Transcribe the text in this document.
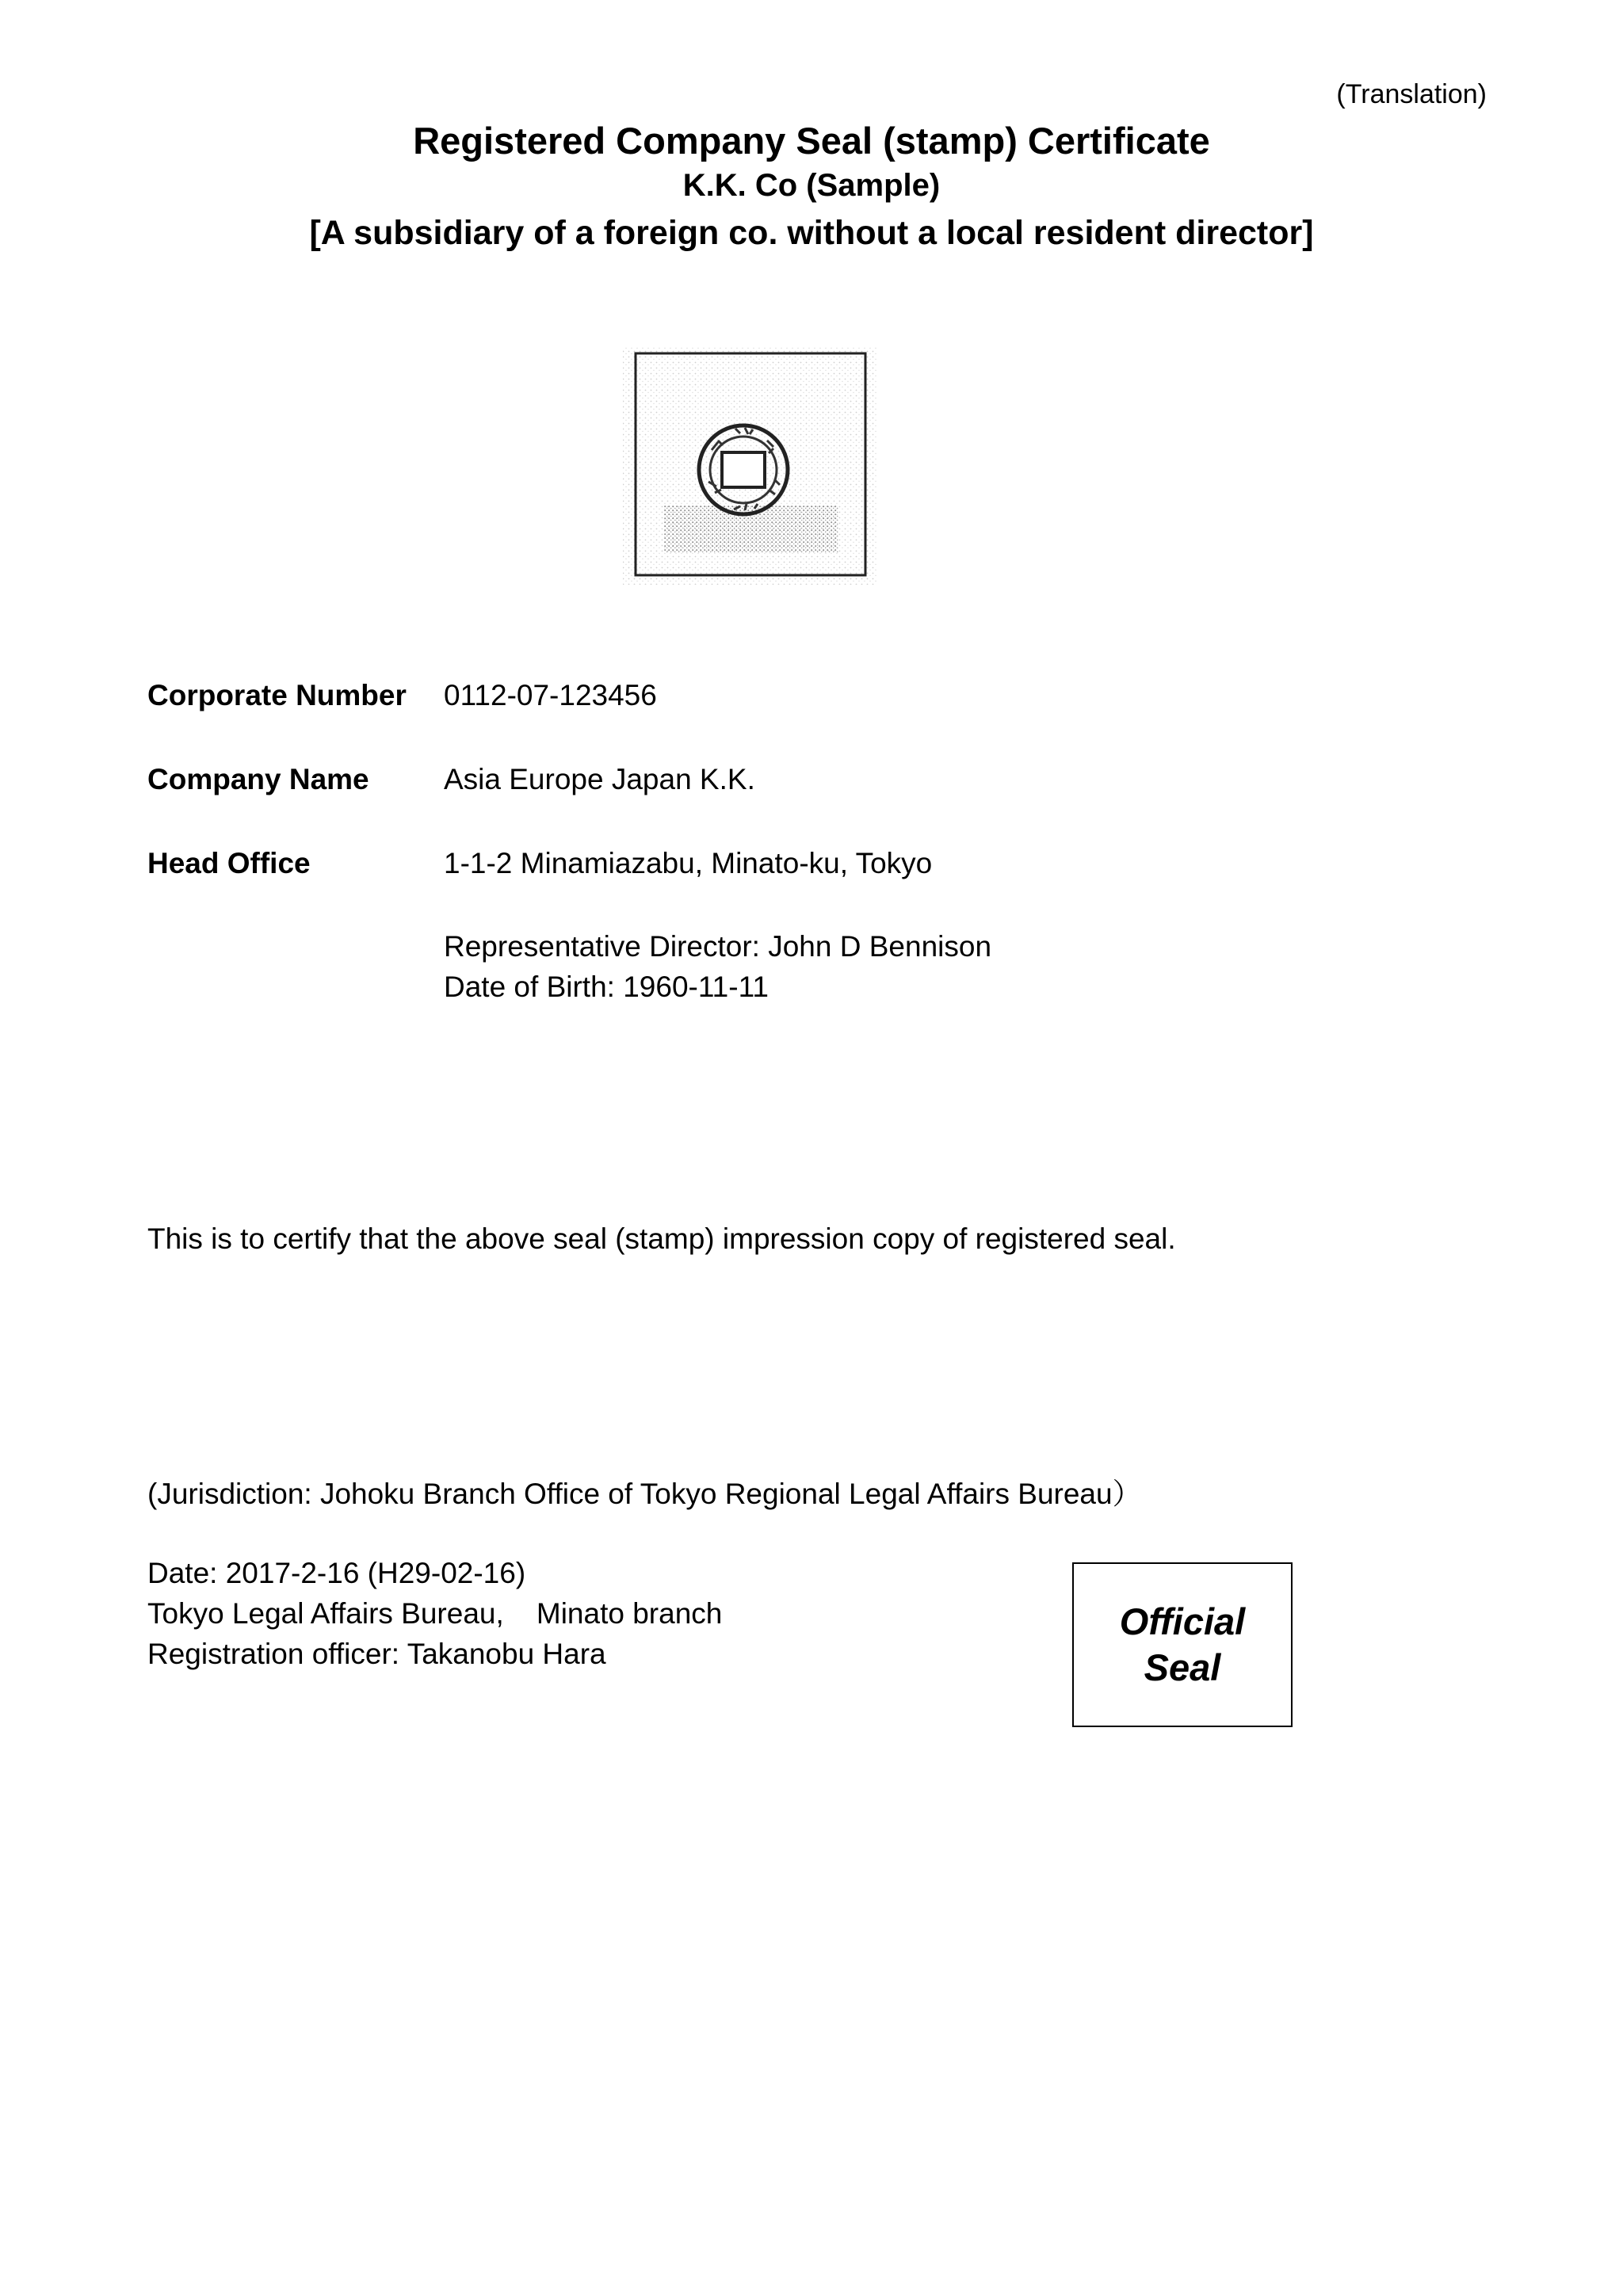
(Translation)
Registered Company Seal (stamp) Certificate
K.K. Co (Sample)
[A subsidiary of a foreign co. without a local resident director]
Corporate Number 0112-07-123456
Company Name	Asia Europe Japan K.K.
Head Office	1-1-2 Minamiazabu, Minato-ku, Tokyo
Representative Director: John D Bennison
Date of Birth: 1960-11-11
This is to certify that the above seal (stamp) impression copy of registered seal.
(Jurisdiction: Johoku Branch Office of Tokyo Regional Legal Affairs Bureau）
Date: 2017-2-16 (H29-02-16)
Tokyo Legal Affairs Bureau,    Minato branch
Registration officer: Takanobu Hara
Official
Seal
